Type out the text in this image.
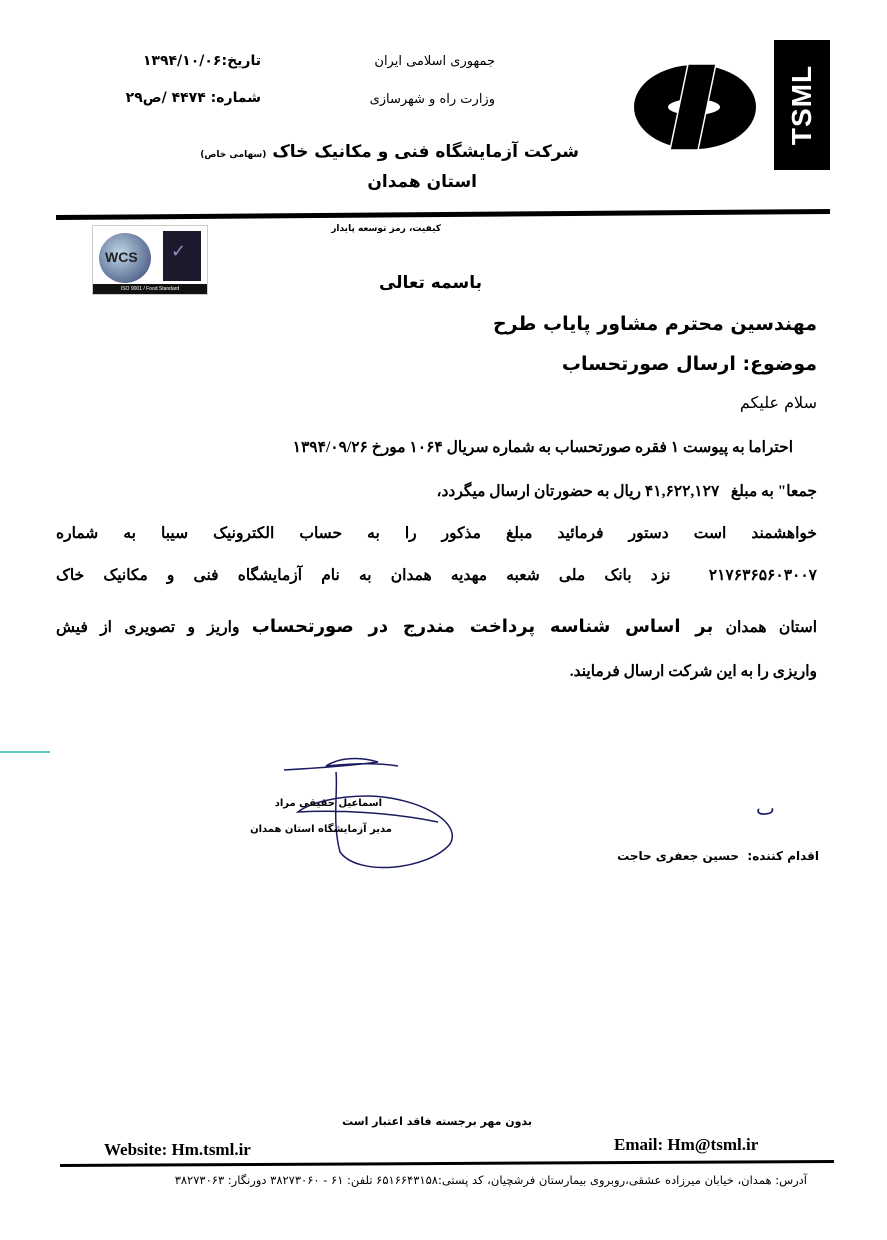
TSML
جمهوری اسلامی ایران
وزارت راه و شهرسازی
تاریخ:۱۳۹۴/۱۰/۰۶
شماره: ۴۴۷۴ /ص۲۹
شرکت آزمایشگاه فنی و مکانیک خاک (سهامی خاص)
استان همدان
کیفیت، رمز توسعه پایدار
WCS ✓
ISO 9001 / Food Standard	باسمه تعالی
مهندسین محترم مشاور پایاب طرح
موضوع: ارسال صورتحساب
سلام علیکم
احتراما به پیوست ۱ فقره صورتحساب به شماره سریال ۱۰۶۴ مورخ ۱۳۹۴/۰۹/۲۶
جمعا" به مبلغ   ۴۱,۶۲۲,۱۲۷ ریال به حضورتان ارسال میگردد،
خواهشمند است دستور فرمائید مبلغ مذکور را به حساب الکترونیک سیبا به شماره
۲۱۷۶۳۶۵۶۰۳۰۰۷  نزد بانک ملی شعبه مهدیه همدان به نام آزمایشگاه فنی و مکانیک خاک
استان همدان بر اساس شناسه پرداخت مندرج در صورتحساب واریز و تصویری از فیش
واریزی را به این شرکت ارسال فرمایند.
اسماعیل حقیقی مراد
مدیر آزمایشگاه استان همدان
ٮ
اقدام کننده:  حسین جعفری حاجت
بدون مهر برجسته فاقد اعتبار است
Website: Hm.tsml.ir	Email: Hm@tsml.ir
آدرس: همدان، خیابان میرزاده عشقی،روبروی بیمارستان فرشچیان، کد پستی:۶۵۱۶۶۴۳۱۵۸ تلفن: ۶۱ - ۳۸۲۷۳۰۶۰ دورنگار: ۳۸۲۷۳۰۶۳
